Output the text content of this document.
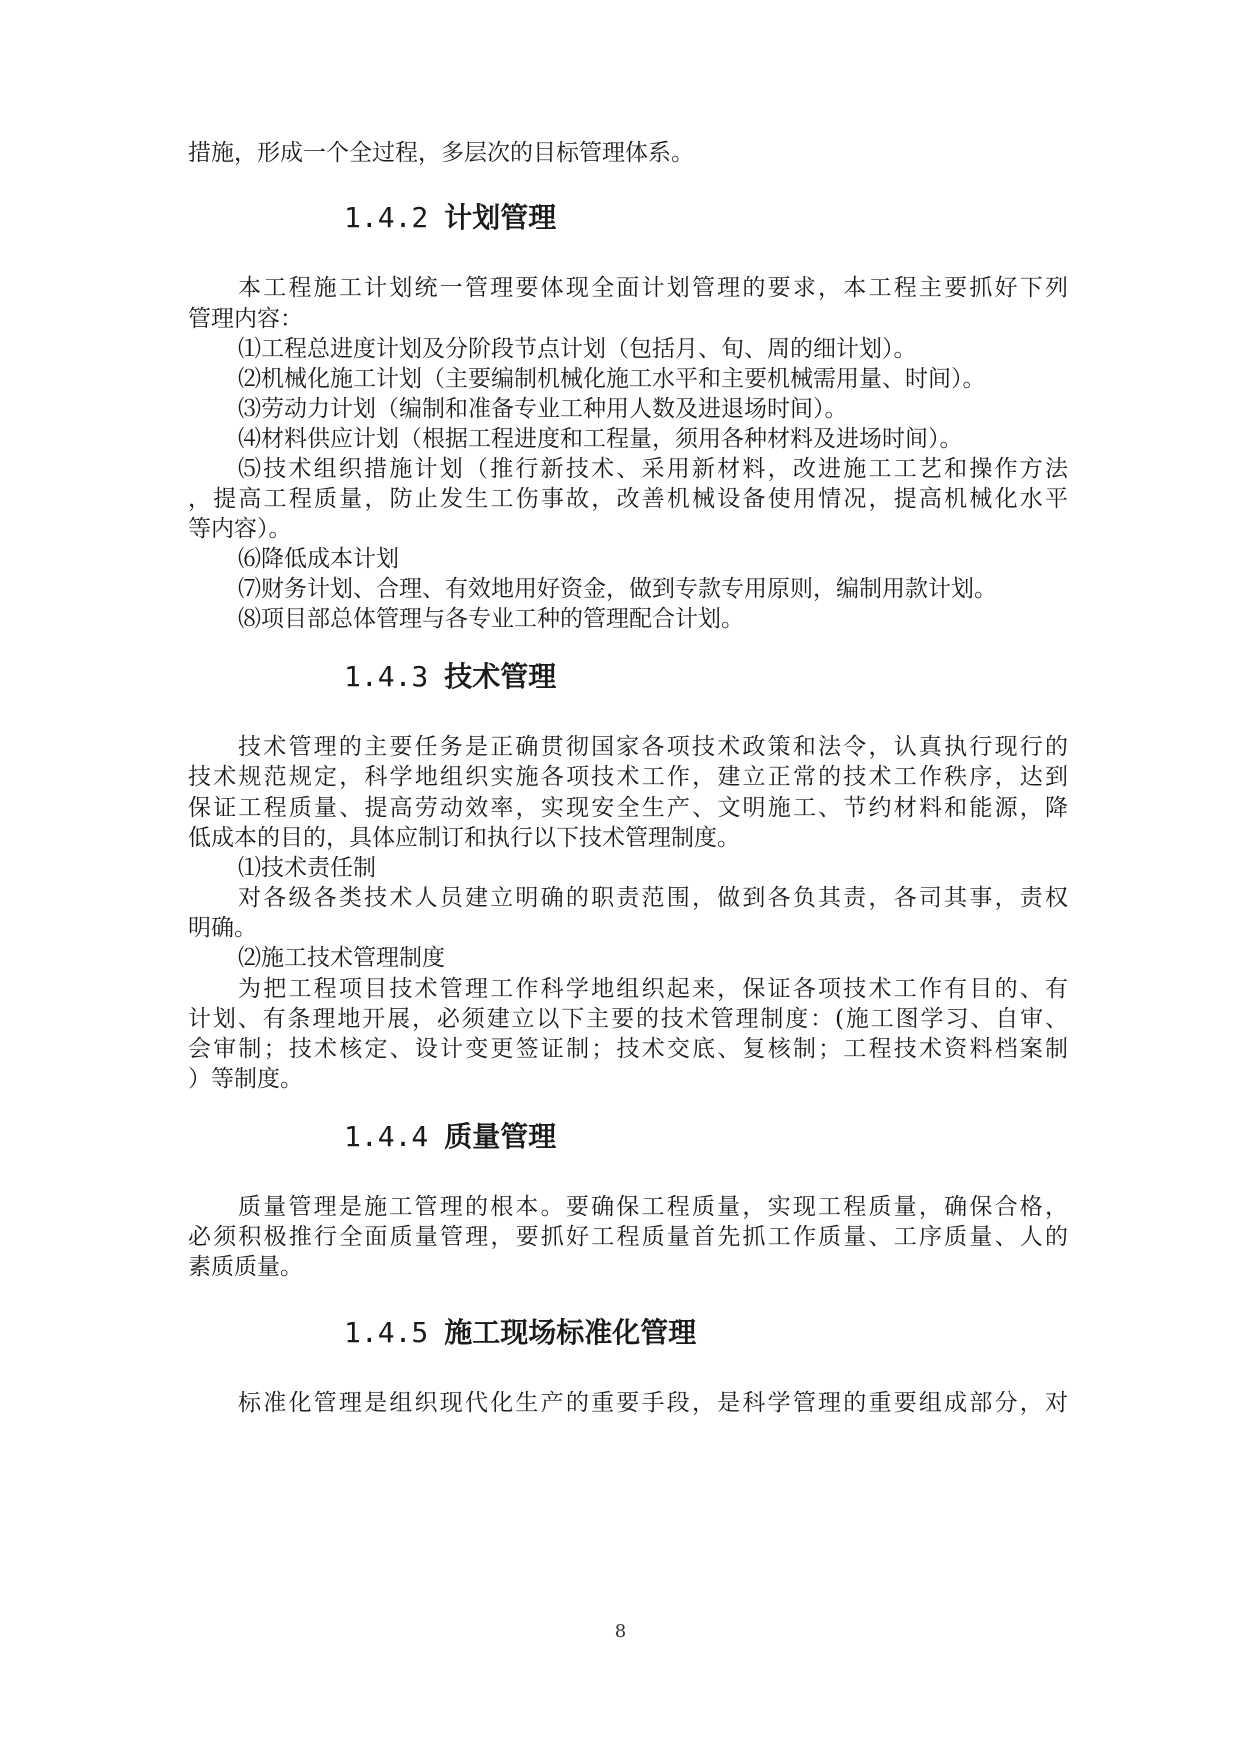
措施，形成一个全过程，多层次的目标管理体系。
1.4.2 计划管理
本工程施工计划统一管理要体现全面计划管理的要求，本工程主要抓好下列
管理内容：
⑴工程总进度计划及分阶段节点计划（包括月、旬、周的细计划）。
⑵机械化施工计划（主要编制机械化施工水平和主要机械需用量、时间）。
⑶劳动力计划（编制和准备专业工种用人数及进退场时间）。
⑷材料供应计划（根据工程进度和工程量，须用各种材料及进场时间）。
⑸技术组织措施计划（推行新技术、采用新材料，改进施工工艺和操作方法
，提高工程质量，防止发生工伤事故，改善机械设备使用情况，提高机械化水平
等内容）。
⑹降低成本计划
⑺财务计划、合理、有效地用好资金，做到专款专用原则，编制用款计划。
⑻项目部总体管理与各专业工种的管理配合计划。
1.4.3 技术管理
技术管理的主要任务是正确贯彻国家各项技术政策和法令，认真执行现行的
技术规范规定，科学地组织实施各项技术工作，建立正常的技术工作秩序，达到
保证工程质量、提高劳动效率，实现安全生产、文明施工、节约材料和能源，降
低成本的目的，具体应制订和执行以下技术管理制度。
⑴技术责任制
对各级各类技术人员建立明确的职责范围，做到各负其责，各司其事，责权
明确。
⑵施工技术管理制度
为把工程项目技术管理工作科学地组织起来，保证各项技术工作有目的、有
计划、有条理地开展，必须建立以下主要的技术管理制度：(施工图学习、自审、
会审制；技术核定、设计变更签证制；技术交底、复核制；工程技术资料档案制
）等制度。
1.4.4 质量管理
质量管理是施工管理的根本。要确保工程质量，实现工程质量，确保合格，
必须积极推行全面质量管理，要抓好工程质量首先抓工作质量、工序质量、人的
素质质量。
1.4.5 施工现场标准化管理
标准化管理是组织现代化生产的重要手段，是科学管理的重要组成部分，对
8
